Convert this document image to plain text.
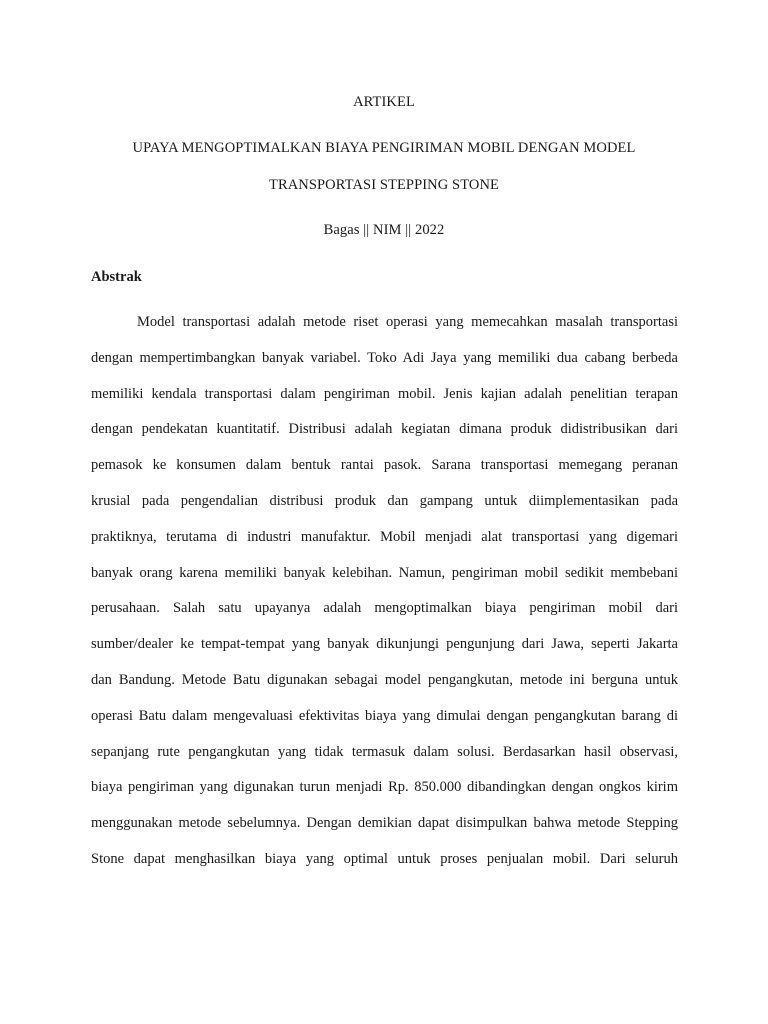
ARTIKEL
UPAYA MENGOPTIMALKAN BIAYA PENGIRIMAN MOBIL DENGAN MODEL
TRANSPORTASI STEPPING STONE
Bagas || NIM || 2022
Abstrak
Model transportasi adalah metode riset operasi yang memecahkan masalah transportasi
dengan mempertimbangkan banyak variabel. Toko Adi Jaya yang memiliki dua cabang berbeda
memiliki kendala transportasi dalam pengiriman mobil. Jenis kajian adalah penelitian terapan
dengan pendekatan kuantitatif. Distribusi adalah kegiatan dimana produk didistribusikan dari
pemasok ke konsumen dalam bentuk rantai pasok. Sarana transportasi memegang peranan
krusial pada pengendalian distribusi produk dan gampang untuk diimplementasikan pada
praktiknya, terutama di industri manufaktur. Mobil menjadi alat transportasi yang digemari
banyak orang karena memiliki banyak kelebihan. Namun, pengiriman mobil sedikit membebani
perusahaan. Salah satu upayanya adalah mengoptimalkan biaya pengiriman mobil dari
sumber/dealer ke tempat-tempat yang banyak dikunjungi pengunjung dari Jawa, seperti Jakarta
dan Bandung. Metode Batu digunakan sebagai model pengangkutan, metode ini berguna untuk
operasi Batu dalam mengevaluasi efektivitas biaya yang dimulai dengan pengangkutan barang di
sepanjang rute pengangkutan yang tidak termasuk dalam solusi. Berdasarkan hasil observasi,
biaya pengiriman yang digunakan turun menjadi Rp. 850.000 dibandingkan dengan ongkos kirim
menggunakan metode sebelumnya. Dengan demikian dapat disimpulkan bahwa metode Stepping
Stone dapat menghasilkan biaya yang optimal untuk proses penjualan mobil. Dari seluruh
